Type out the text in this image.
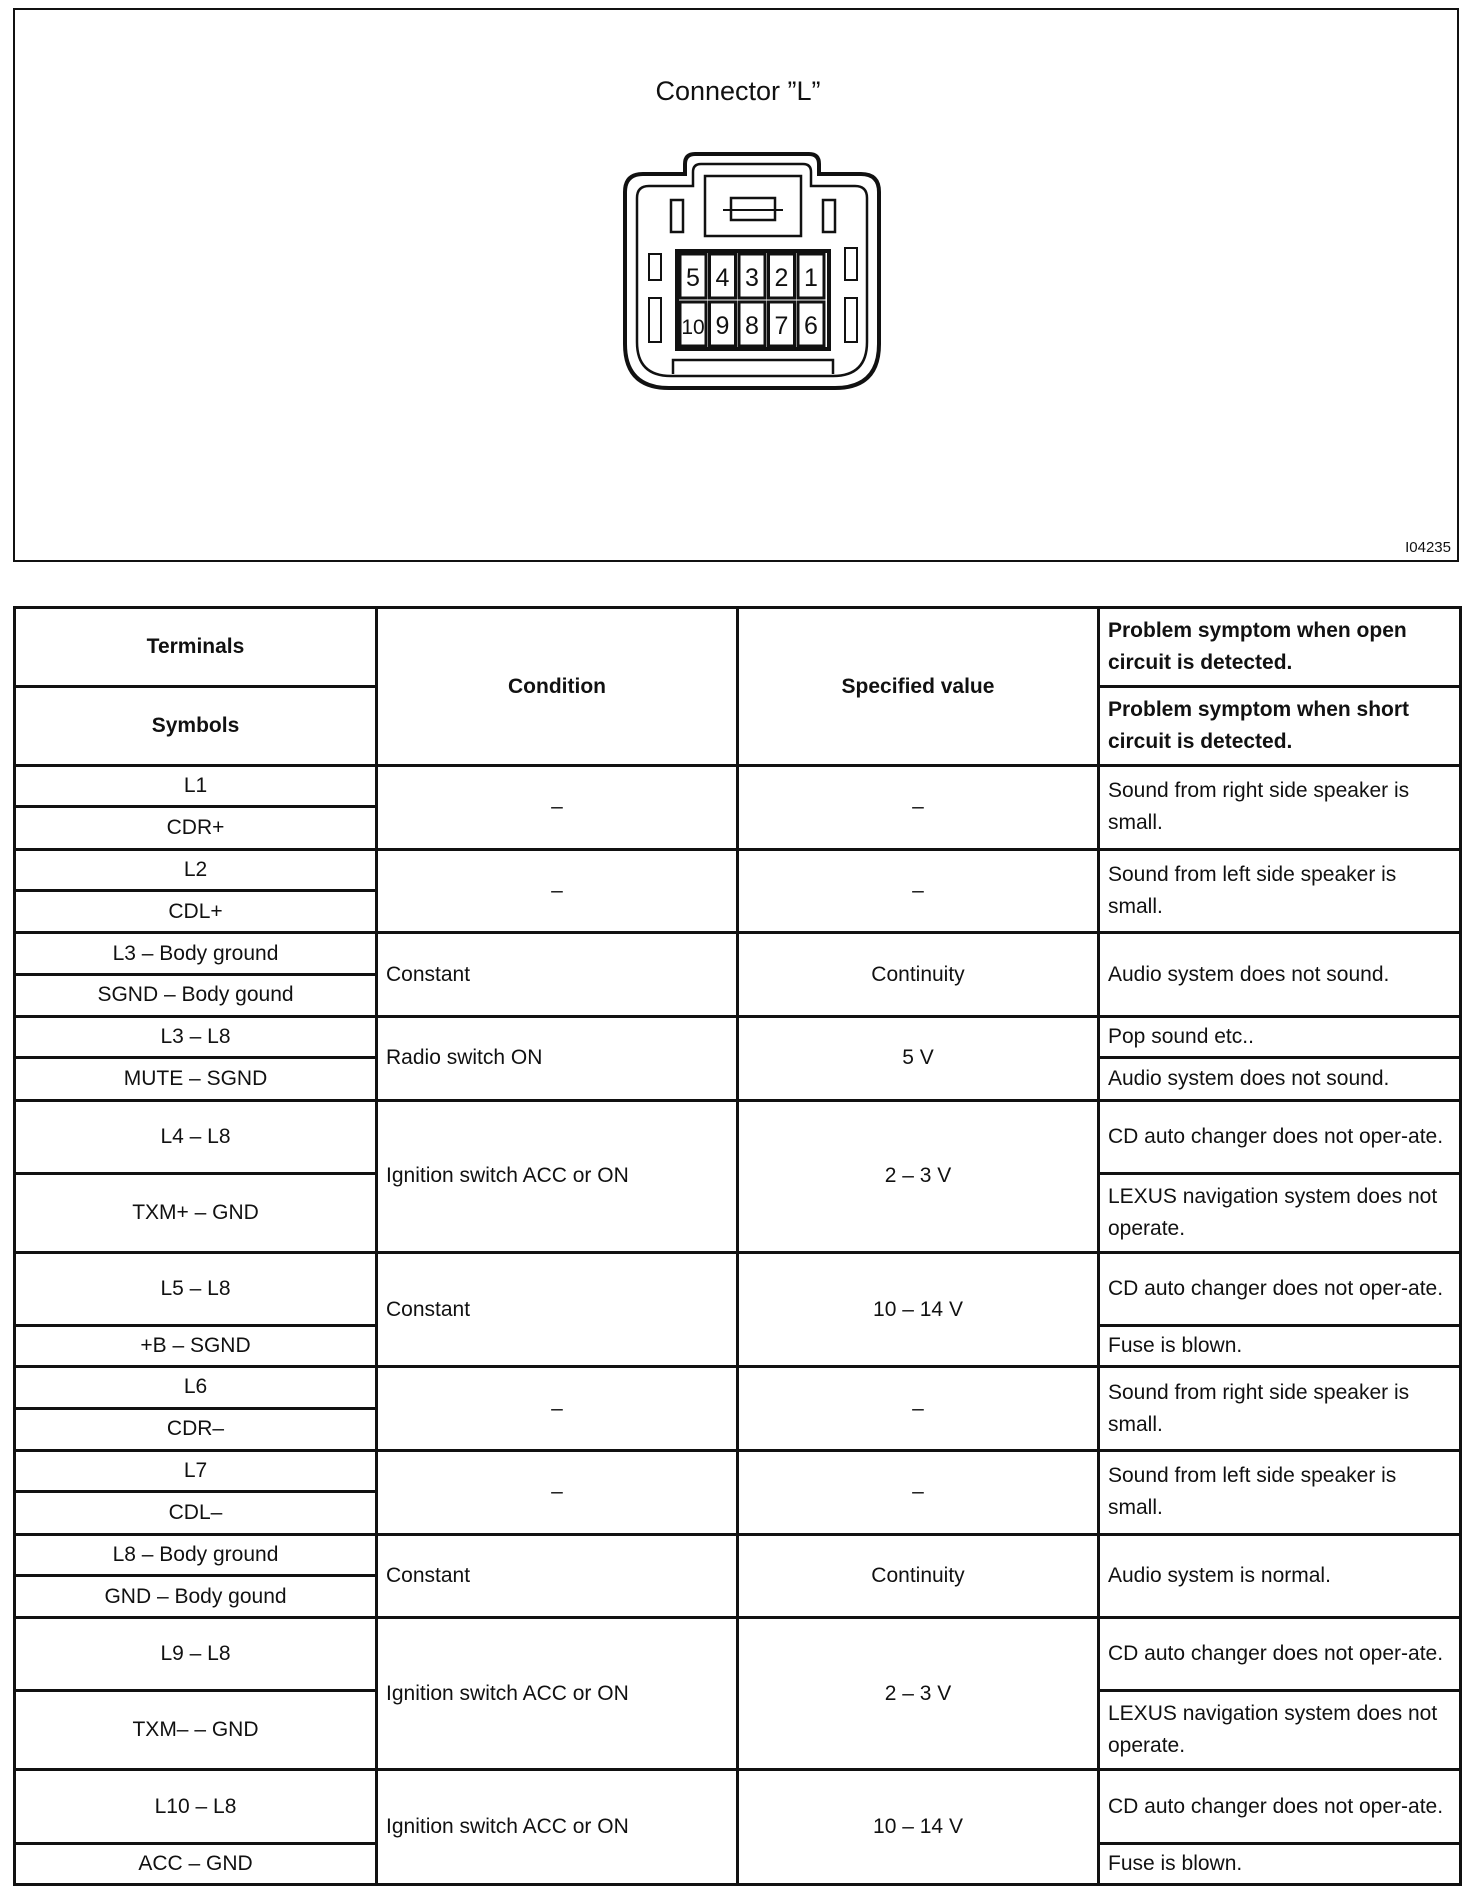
Connector ”L”
5 4 3 2 1
10 9 8 7 6
I04235
Terminals	Condition	Specified value	Problem symptom when open circuit is detected.
Symbols			Problem symptom when short circuit is detected.
L1	–	–	Sound from right side speaker is small.
CDR+			
L2	–	–	Sound from left side speaker is small.
CDL+			
L3 – Body ground	Constant	Continuity	Audio system does not sound.
SGND – Body gound			
L3 – L8	Radio switch ON	5 V	Pop sound etc..
MUTE – SGND			Audio system does not sound.
L4 – L8	Ignition switch ACC or ON	2 – 3 V	CD auto changer does not oper-ate.
TXM+ – GND			LEXUS navigation system does not operate.
L5 – L8	Constant	10 – 14 V	CD auto changer does not oper-ate.
+B – SGND			Fuse is blown.
L6	–	–	Sound from right side speaker is small.
CDR–			
L7	–	–	Sound from left side speaker is small.
CDL–			
L8 – Body ground	Constant	Continuity	Audio system is normal.
GND – Body gound			
L9 – L8	Ignition switch ACC or ON	2 – 3 V	CD auto changer does not oper-ate.
TXM– – GND			LEXUS navigation system does not operate.
L10 – L8	Ignition switch ACC or ON	10 – 14 V	CD auto changer does not oper-ate.
ACC – GND			Fuse is blown.
